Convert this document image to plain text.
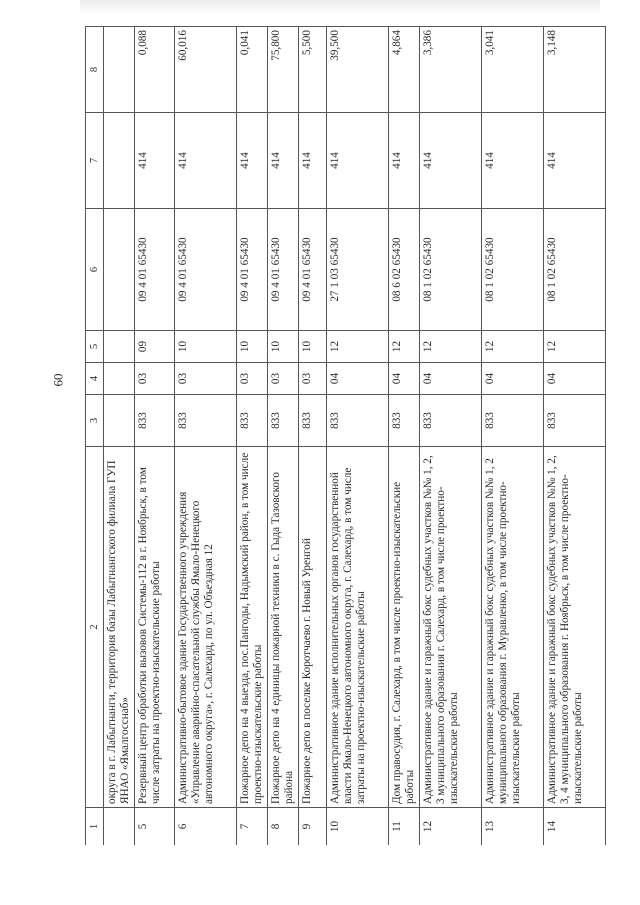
60
1	2	3	4	5	6	7	8
	округа в г. Лабытнанги, территория базы Лабытнангского филиала ГУП ЯНАО «Ямалгосснаб»						
5	Резервный центр обработки вызовов Системы-112 в г. Ноябрьск, в том числе затраты на проектно-изыскательские работы	833	03	09	09 4 01 65430	414	0,088
6	Административно-бытовое здание Государственного учреждения «Управление аварийно-спасательной службы Ямало-Ненецкого автономного округа», г. Салехард, по ул. Объездная 12	833	03	10	09 4 01 65430	414	60,016
7	Пожарное депо на 4 выезда, пос.Пангоды, Надымский район, в том числе проектно-изыскательские работы	833	03	10	09 4 01 65430	414	0,041
8	Пожарное депо на 4 единицы пожарной техники в с. Гыда Тазовского района	833	03	10	09 4 01 65430	414	75,800
9	Пожарное депо в поселке Коротчаево г. Новый Уренгой	833	03	10	09 4 01 65430	414	5,500
10	Административное здание исполнительных органов государственной власти Ямало-Ненецкого автономного округа, г. Салехард, в том числе затраты на проектно-изыскательские работы	833	04	12	27 1 03 65430	414	39,500
11	Дом правосудия, г. Салехард, в том числе проектно-изыскательские работы	833	04	12	08 6 02 65430	414	4,864
12	Административное здание и гаражный бокс судебных участков №№ 1, 2, 3 муниципального образования г. Салехард, в том числе проектно-изыскательские работы	833	04	12	08 1 02 65430	414	3,386
13	Административное здание и гаражный бокс судебных участков №№ 1, 2 муниципального образования г. Муравленко, в том числе проектно-изыскательские работы	833	04	12	08 1 02 65430	414	3,041
14	Административное здание и гаражный бокс судебных участков №№ 1, 2, 3, 4 муниципального образования г. Ноябрьск, в том числе проектно-изыскательские работы	833	04	12	08 1 02 65430	414	3,148
